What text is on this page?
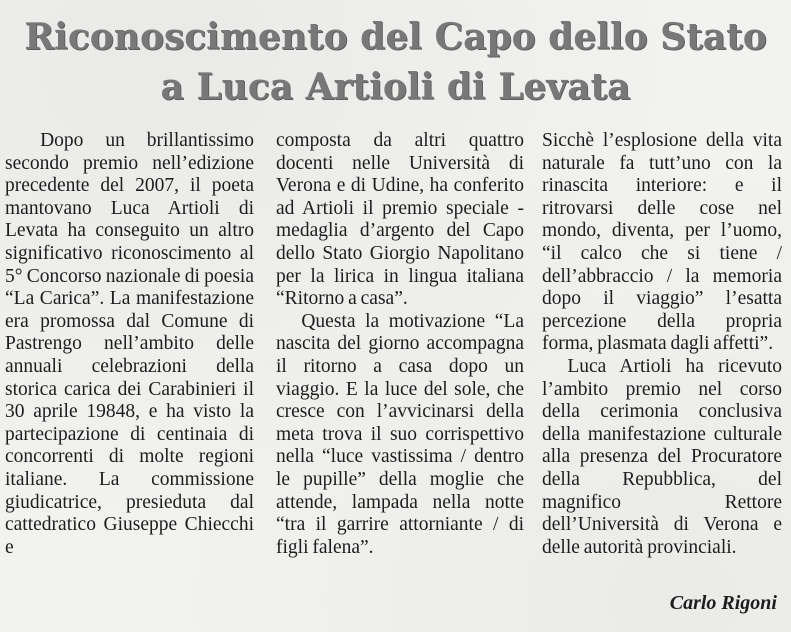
Riconoscimento del Capo dello Stato
a Luca Artioli di Levata

Dopo un brillantissimo secondo premio nell’edizione precedente del 2007, il poeta mantovano Luca Artioli di Levata ha conseguito un altro significativo riconoscimento al 5° Concorso nazionale di poesia “La Carica”. La manifestazione era promossa dal Comune di Pastrengo nell’ambito delle annuali celebrazioni della storica carica dei Carabinieri il 30 aprile 19848, e ha visto la partecipazione di centinaia di concorrenti di molte regioni italiane. La commissione giudicatrice, presieduta dal cattedratico Giuseppe Chiecchi e

composta da altri quattro docenti nelle Università di Verona e di Udine, ha conferito ad Artioli il premio speciale - medaglia d’argento del Capo dello Stato Giorgio Napolitano per la lirica in lingua italiana “Ritorno a casa”.

Questa la motivazione “La nascita del giorno accompagna il ritorno a casa dopo un viaggio. E la luce del sole, che cresce con l’avvicinarsi della meta trova il suo corrispettivo nella “luce vastissima / dentro le pupille” della moglie che attende, lampada nella notte “tra il garrire attorniante / di figli falena”.

Sicchè l’esplosione della vita naturale fa tutt’uno con la rinascita interiore: e il ritrovarsi delle cose nel mondo, diventa, per l’uomo, “il calco che si tiene / dell’abbraccio / la memoria dopo il viaggio” l’esatta percezione della propria forma, plasmata dagli affetti”.

Luca Artioli ha ricevuto l’ambito premio nel corso della cerimonia conclusiva della manifestazione culturale alla presenza del Procuratore della Repubblica, del magnifico Rettore dell’Università di Verona e delle autorità provinciali.

Carlo Rigoni
